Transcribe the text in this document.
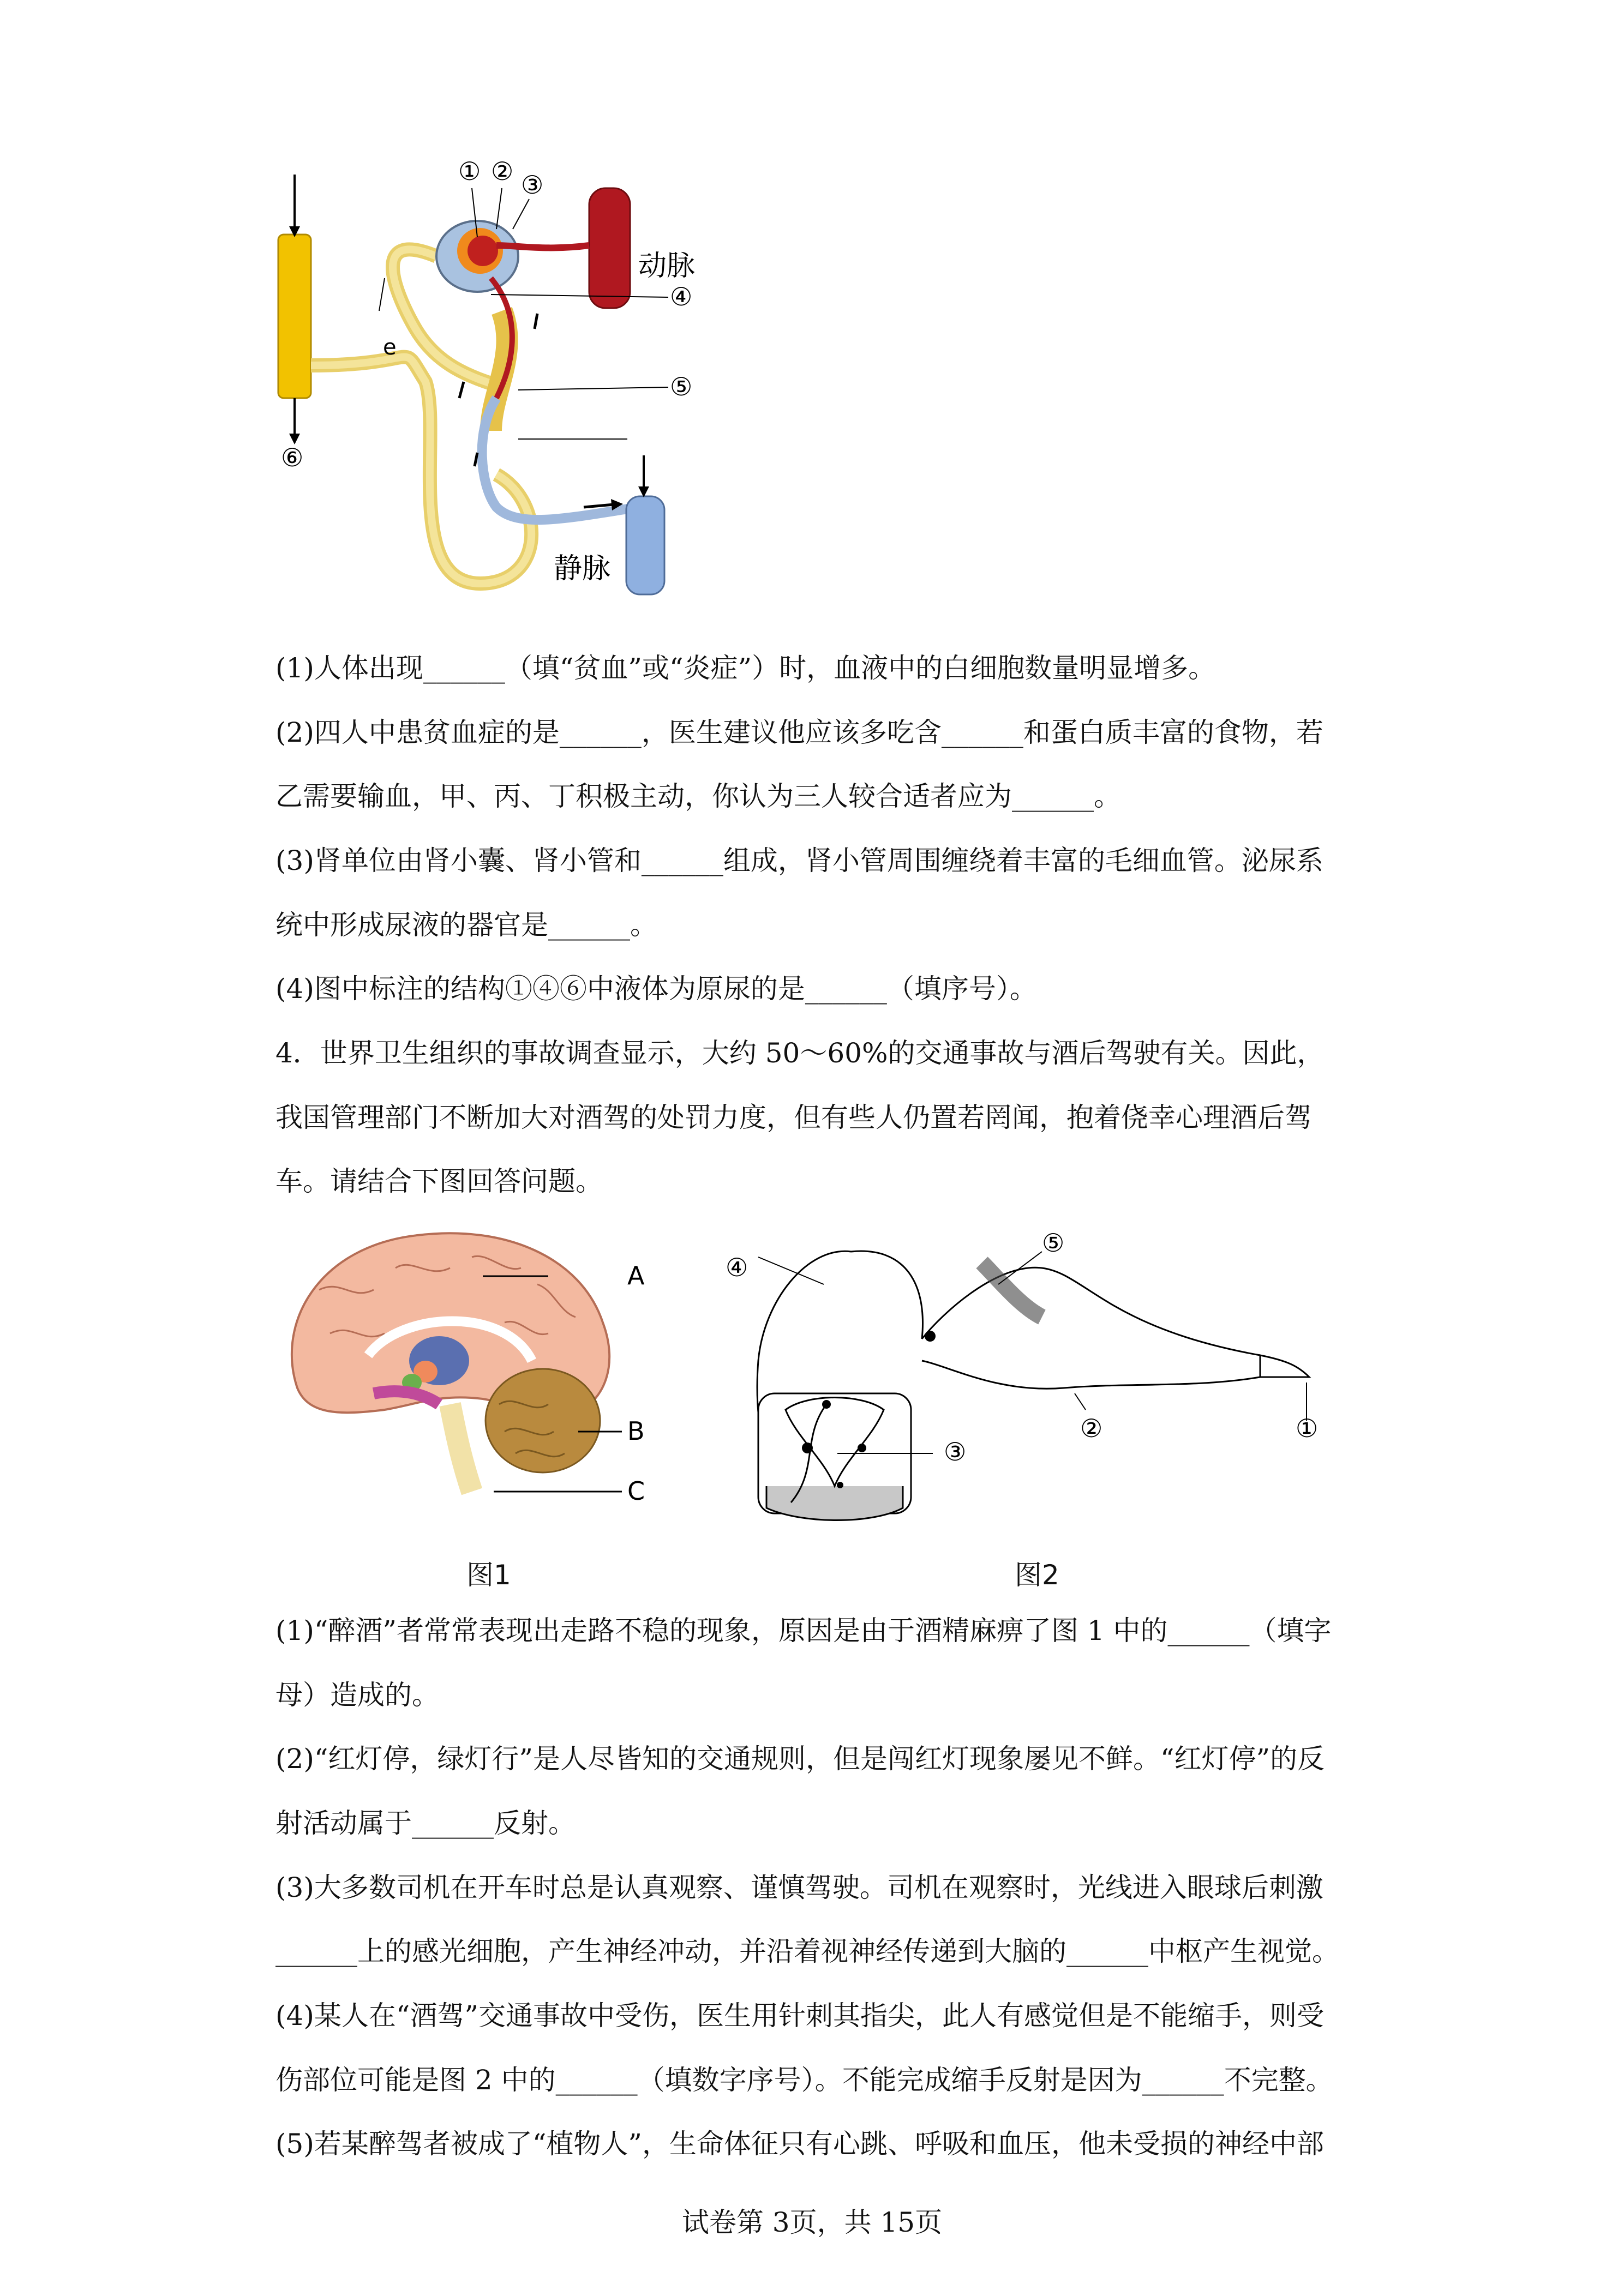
① ② ③
④
⑤
⑥
e
动脉
静脉
(1)人体出现______（填“贫血”或“炎症”）时，血液中的白细胞数量明显增多。
(2)四人中患贫血症的是______，医生建议他应该多吃含______和蛋白质丰富的食物，若
乙需要输血，甲、丙、丁积极主动，你认为三人较合适者应为______。
(3)肾单位由肾小囊、肾小管和______组成，肾小管周围缠绕着丰富的毛细血管。泌尿系
统中形成尿液的器官是______。
(4)图中标注的结构①④⑥中液体为原尿的是______（填序号）。
4．世界卫生组织的事故调查显示，大约 50～60%的交通事故与酒后驾驶有关。因此，
我国管理部门不断加大对酒驾的处罚力度，但有些人仍置若罔闻，抱着侥幸心理酒后驾
车。请结合下图回答问题。
A
B
C
图1
④
⑤
③
②	①
图2
(1)“醉酒”者常常表现出走路不稳的现象，原因是由于酒精麻痹了图 1 中的______（填字
母）造成的。
(2)“红灯停，绿灯行”是人尽皆知的交通规则，但是闯红灯现象屡见不鲜。“红灯停”的反
射活动属于______反射。
(3)大多数司机在开车时总是认真观察、谨慎驾驶。司机在观察时，光线进入眼球后刺激
______上的感光细胞，产生神经冲动，并沿着视神经传递到大脑的______中枢产生视觉。
(4)某人在“酒驾”交通事故中受伤，医生用针刺其指尖，此人有感觉但是不能缩手，则受
伤部位可能是图 2 中的______（填数字序号）。不能完成缩手反射是因为______不完整。
(5)若某醉驾者被成了“植物人”，生命体征只有心跳、呼吸和血压，他未受损的神经中部
试卷第 3页，共 15页
